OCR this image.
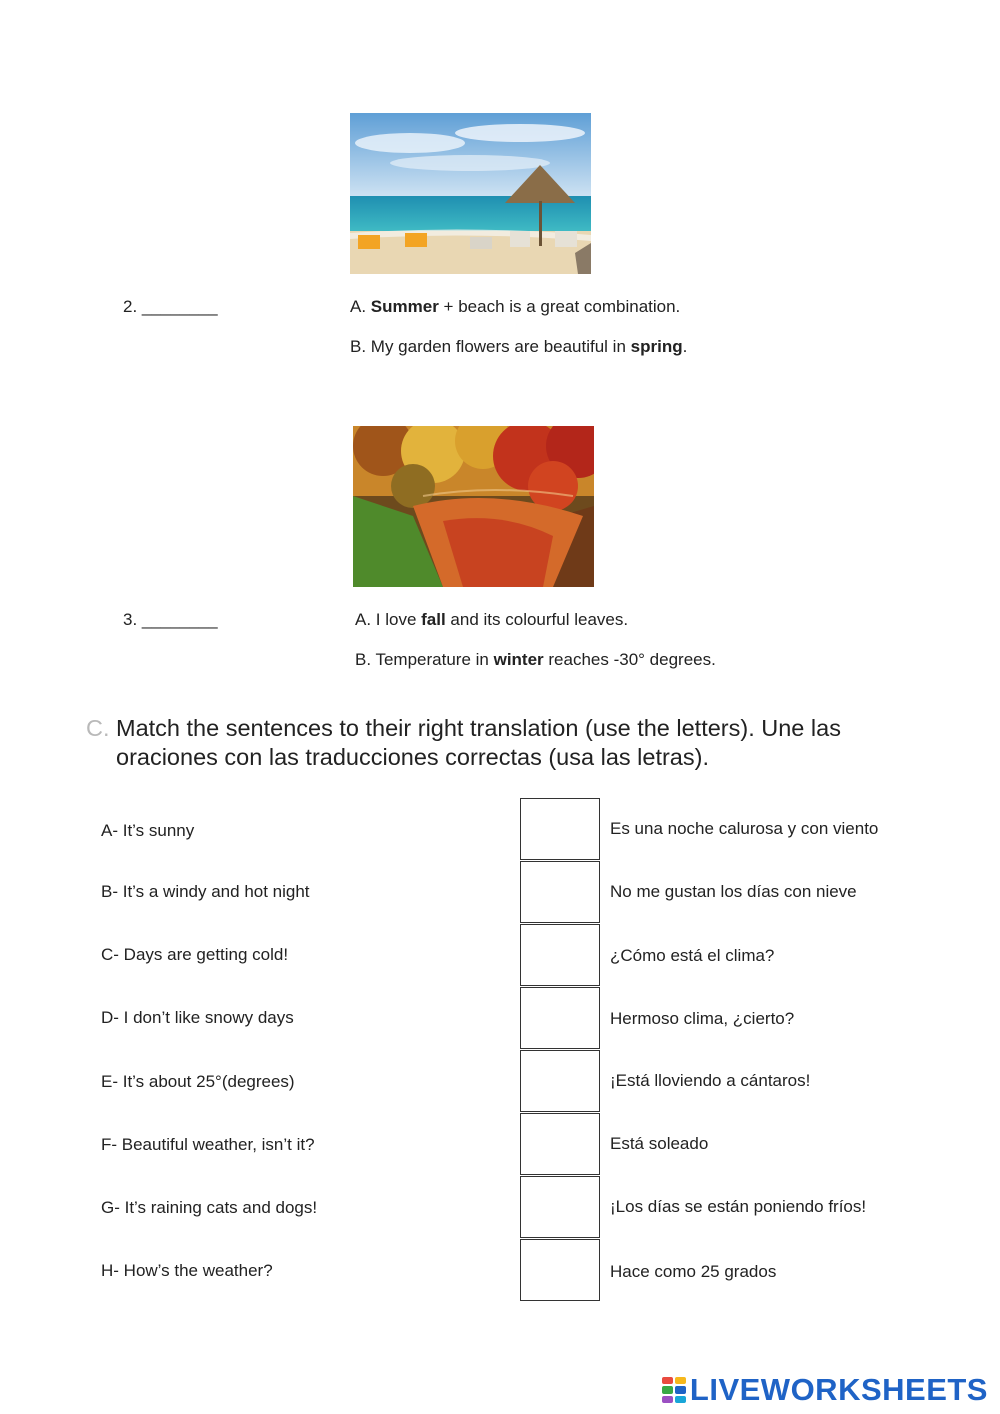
2. ________	A. Summer + beach is a great combination.
B. My garden flowers are beautiful in spring.
3. ________	A. I love fall and its colourful leaves.
B. Temperature in winter reaches -30° degrees.
C. Match the sentences to their right translation (use the letters). Une las oraciones con las traducciones correctas (usa las letras).
A- It’s sunny
B- It’s a windy and hot night
C- Days are getting cold!
D- I don’t like snowy days
E- It’s about 25°(degrees)
F- Beautiful weather, isn’t it?
G- It’s raining cats and dogs!
H- How’s the weather?
Es una noche calurosa y con viento
No me gustan los días con nieve
¿Cómo está el clima?
Hermoso clima, ¿cierto?
¡Está lloviendo a cántaros!
Está soleado
¡Los días se están poniendo fríos!
Hace como 25 grados
LIVEWORKSHEETS
